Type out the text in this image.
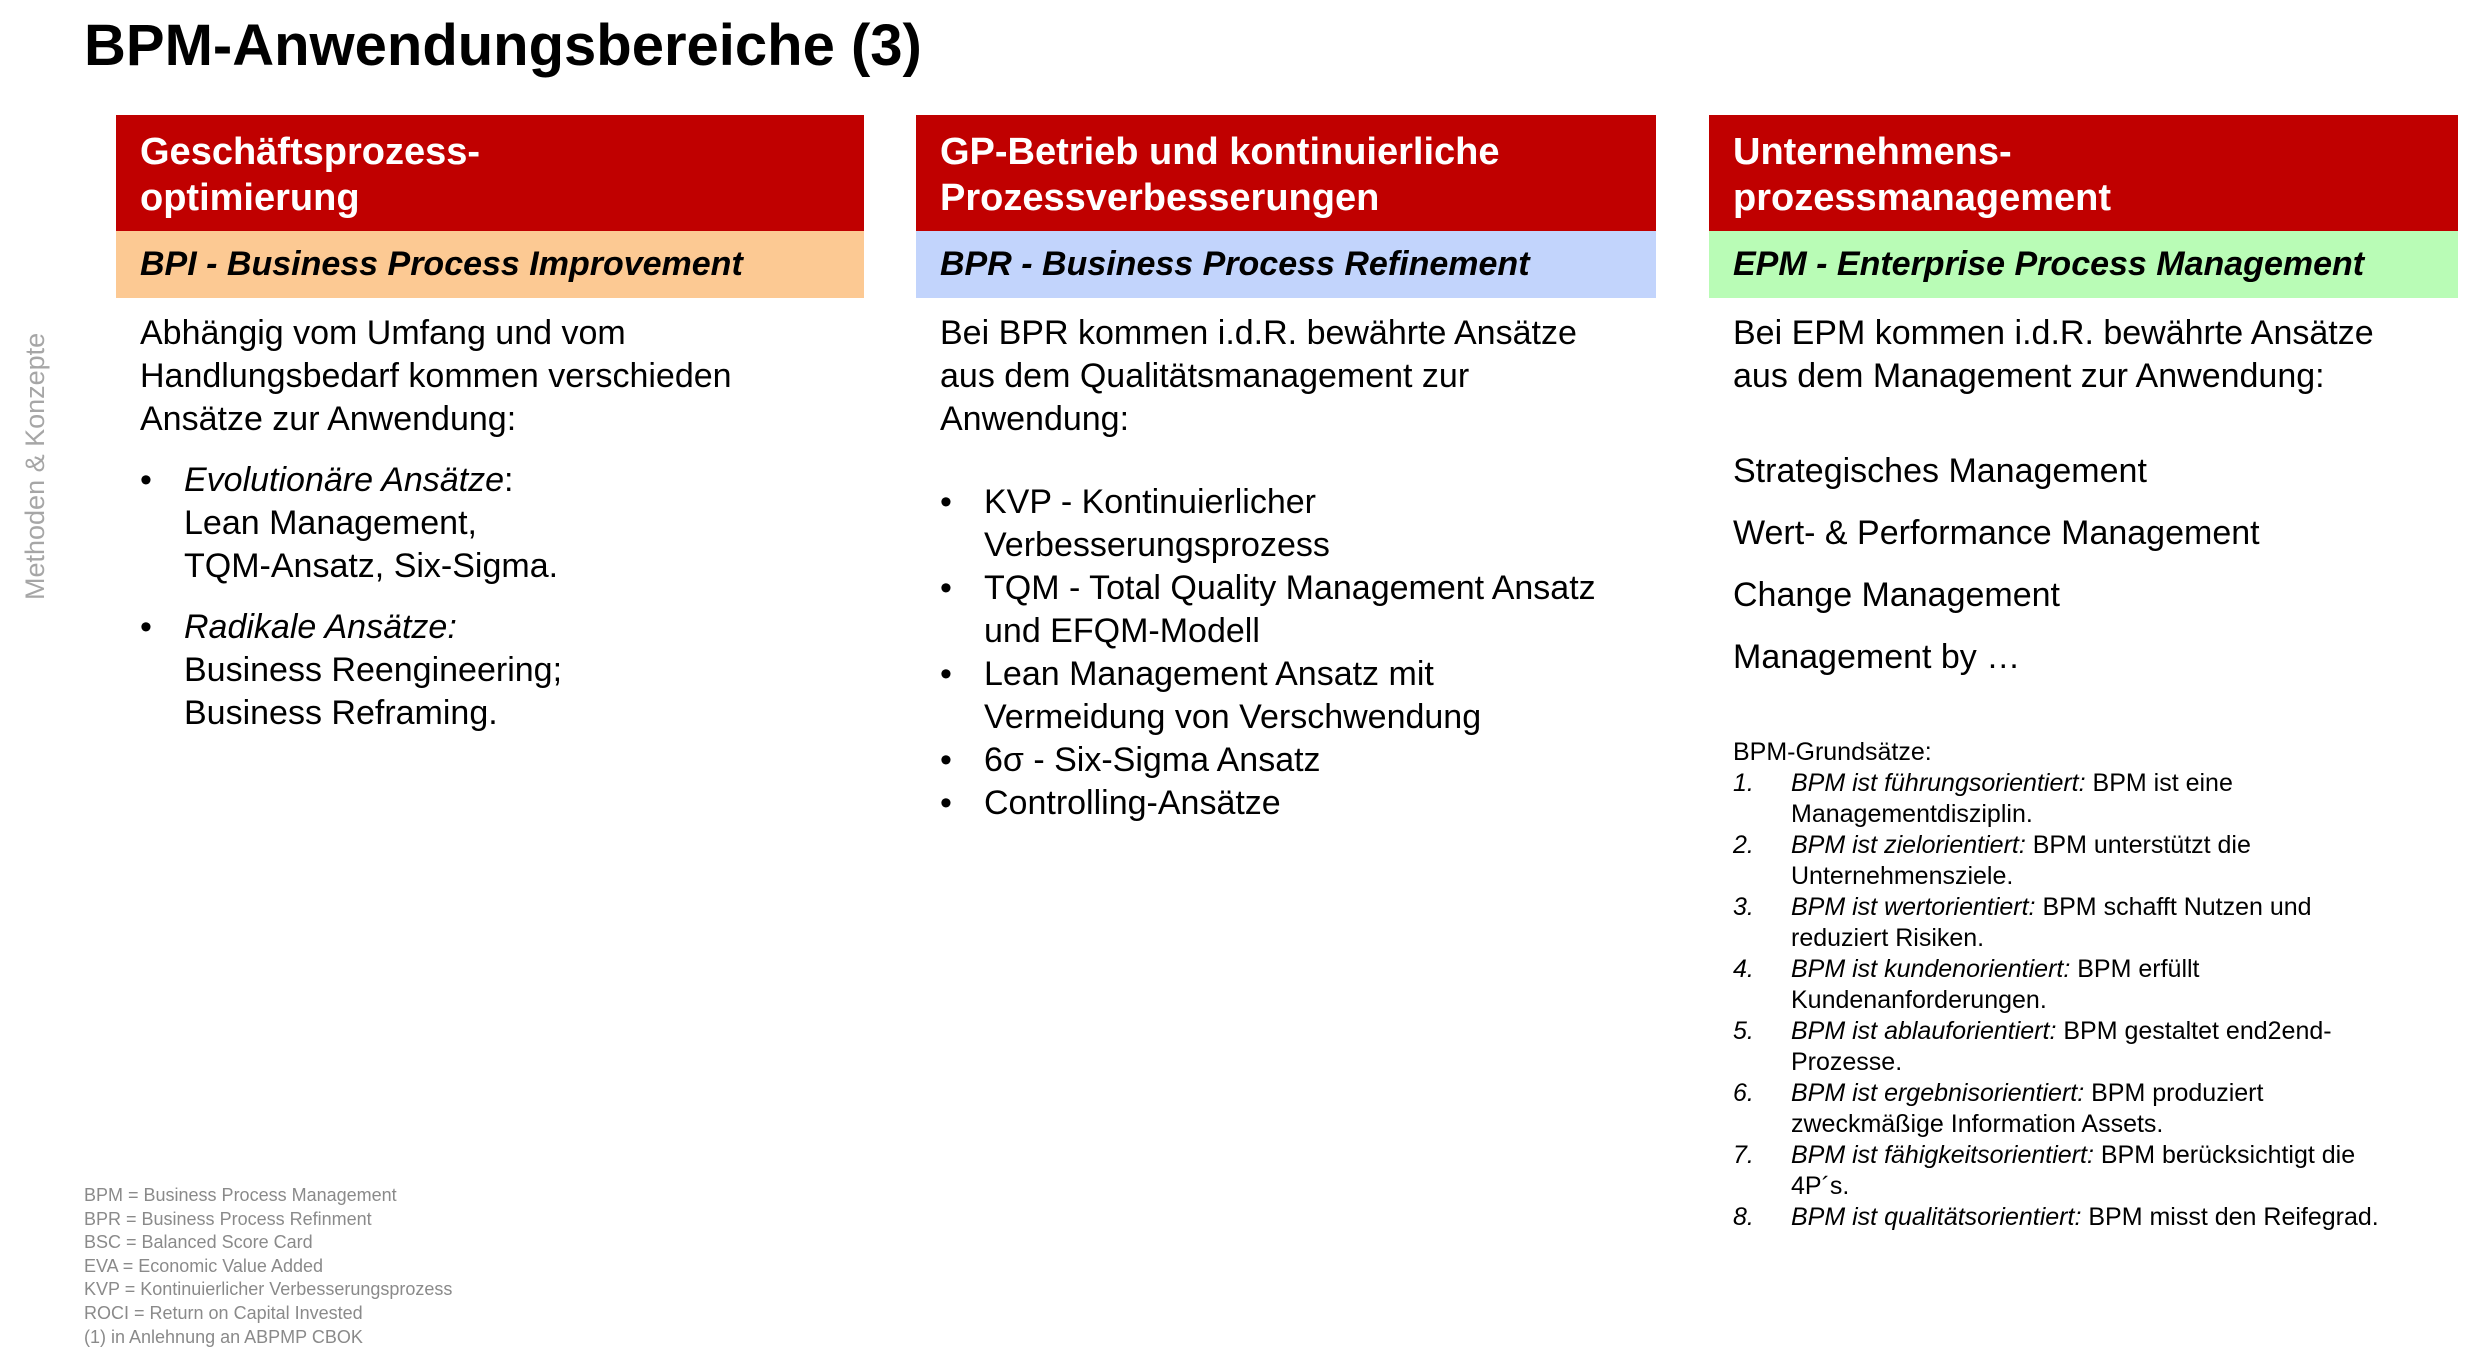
BPM-Anwendungsbereiche (3)
Methoden & Konzepte
Geschäftsprozess-
optimierung
BPI - Business Process Improvement
Abhängig vom Umfang und vom
Handlungsbedarf kommen verschieden
Ansätze zur Anwendung:
• Evolutionäre Ansätze:
Lean Management,
TQM-Ansatz, Six-Sigma.
• Radikale Ansätze:
Business Reengineering;
Business Reframing.
GP-Betrieb und kontinuierliche
Prozessverbesserungen
BPR - Business Process Refinement
Bei BPR kommen i.d.R. bewährte Ansätze
aus dem Qualitätsmanagement zur
Anwendung:
• KVP - Kontinuierlicher
Verbesserungsprozess
• TQM - Total Quality Management Ansatz
und EFQM-Modell
• Lean Management Ansatz mit
Vermeidung von Verschwendung
• 6σ - Six-Sigma Ansatz
• Controlling-Ansätze
Unternehmens-
prozessmanagement
EPM - Enterprise Process Management
Bei EPM kommen i.d.R. bewährte Ansätze
aus dem Management zur Anwendung:
Strategisches Management
Wert- & Performance Management
Change Management
Management by …
BPM-Grundsätze:
1. BPM ist führungsorientiert: BPM ist eine
Managementdisziplin.
2. BPM ist zielorientiert: BPM unterstützt die
Unternehmensziele.
3. BPM ist wertorientiert: BPM schafft Nutzen und
reduziert Risiken.
4. BPM ist kundenorientiert: BPM erfüllt
Kundenanforderungen.
5. BPM ist ablauforientiert: BPM gestaltet end2end-
Prozesse.
6. BPM ist ergebnisorientiert: BPM produziert
zweckmäßige Information Assets.
7. BPM ist fähigkeitsorientiert: BPM berücksichtigt die
4P´s.
8. BPM ist qualitätsorientiert: BPM misst den Reifegrad.
BPM = Business Process Management
BPR = Business Process Refinment
BSC = Balanced Score Card
EVA = Economic Value Added
KVP = Kontinuierlicher Verbesserungsprozess
ROCI = Return on Capital Invested
(1) in Anlehnung an ABPMP CBOK
